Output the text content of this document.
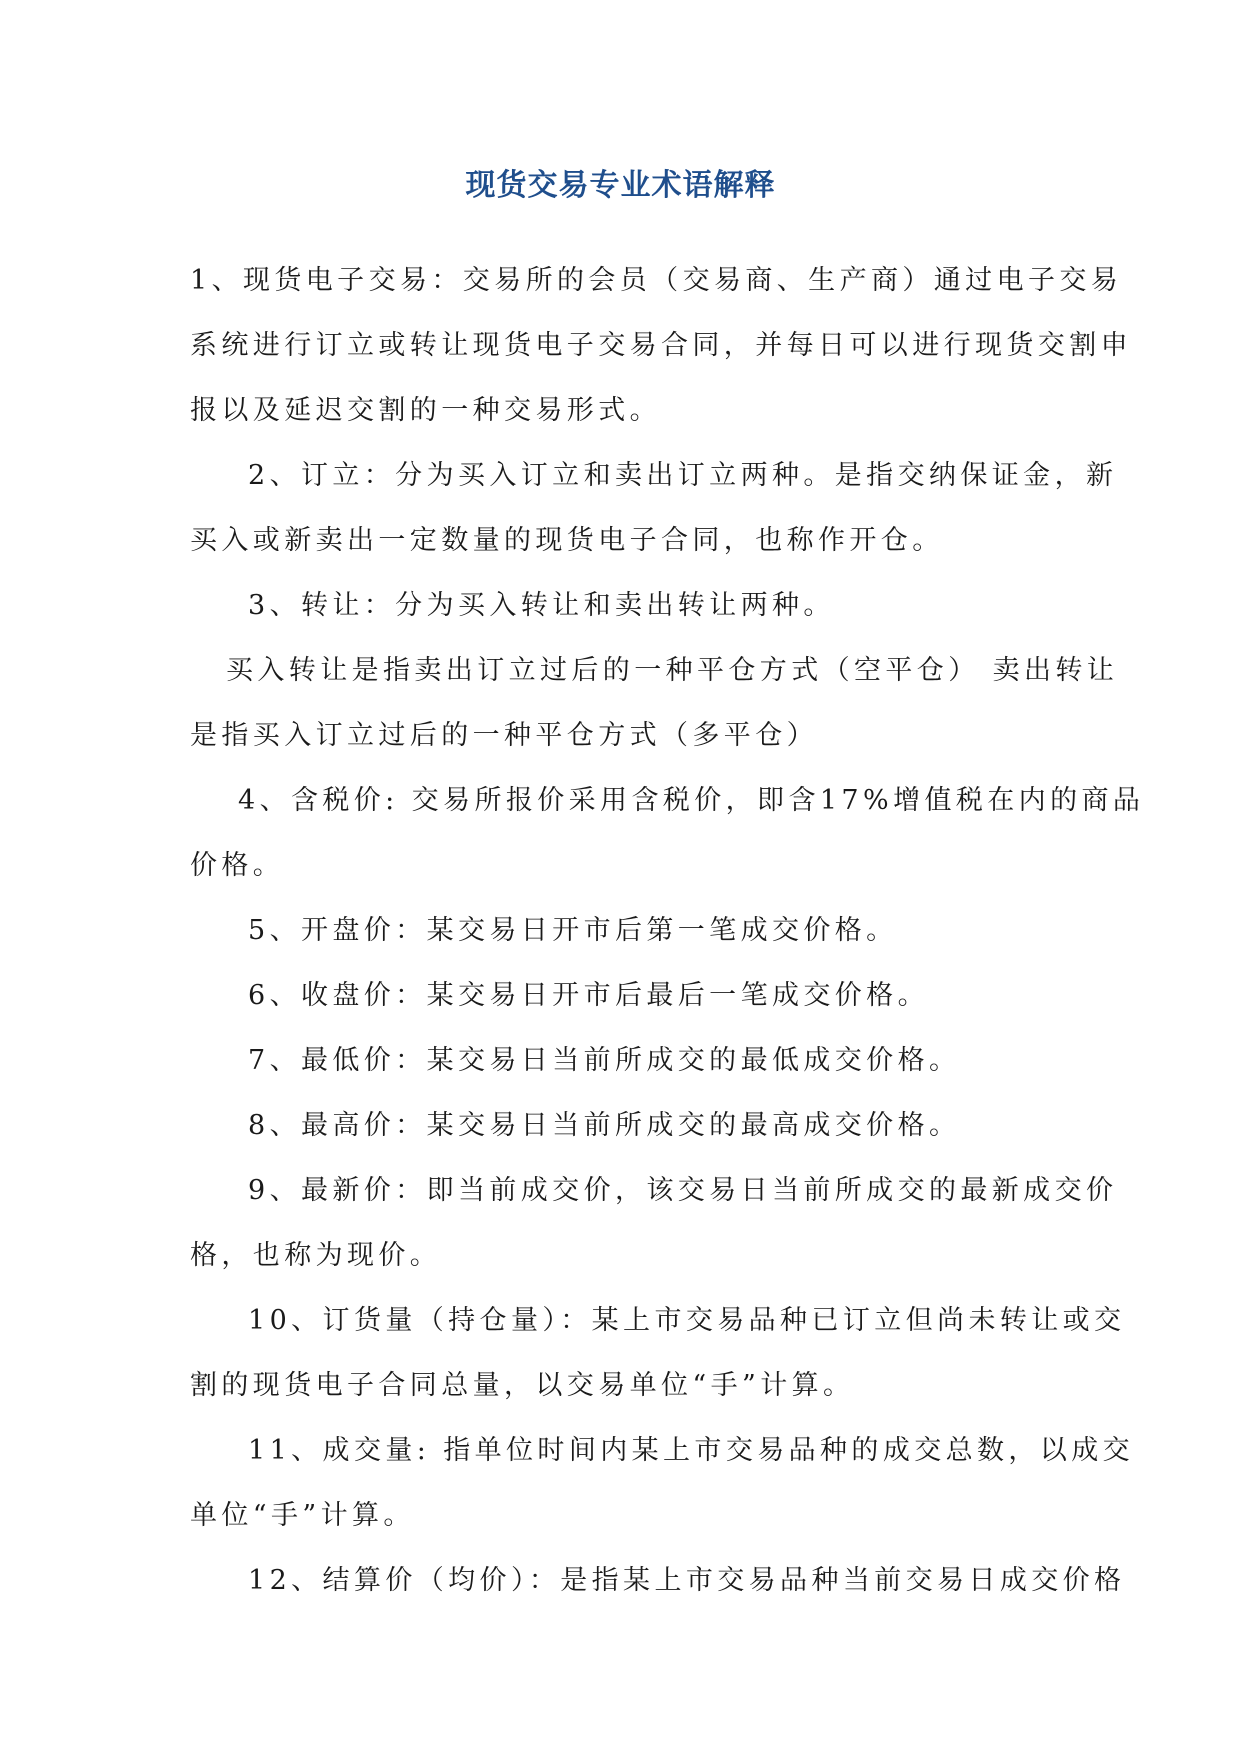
现货交易专业术语解释
1、现货电子交易：交易所的会员（交易商、生产商）通过电子交易
系统进行订立或转让现货电子交易合同，并每日可以进行现货交割申
报以及延迟交割的一种交易形式。
2、订立：分为买入订立和卖出订立两种。是指交纳保证金，新
买入或新卖出一定数量的现货电子合同，也称作开仓。
3、转让：分为买入转让和卖出转让两种。
买入转让是指卖出订立过后的一种平仓方式（空平仓） 卖出转让
是指买入订立过后的一种平仓方式（多平仓）
4、含税价: 交易所报价采用含税价，即含17%增值税在内的商品
价格。
5、开盘价：某交易日开市后第一笔成交价格。
6、收盘价：某交易日开市后最后一笔成交价格。
7、最低价：某交易日当前所成交的最低成交价格。
8、最高价：某交易日当前所成交的最高成交价格。
9、最新价：即当前成交价，该交易日当前所成交的最新成交价
格，也称为现价。
10、订货量（持仓量）：某上市交易品种已订立但尚未转让或交
割的现货电子合同总量，以交易单位“手”计算。
11、成交量: 指单位时间内某上市交易品种的成交总数，以成交
单位“手”计算。
12、结算价（均价）：是指某上市交易品种当前交易日成交价格
